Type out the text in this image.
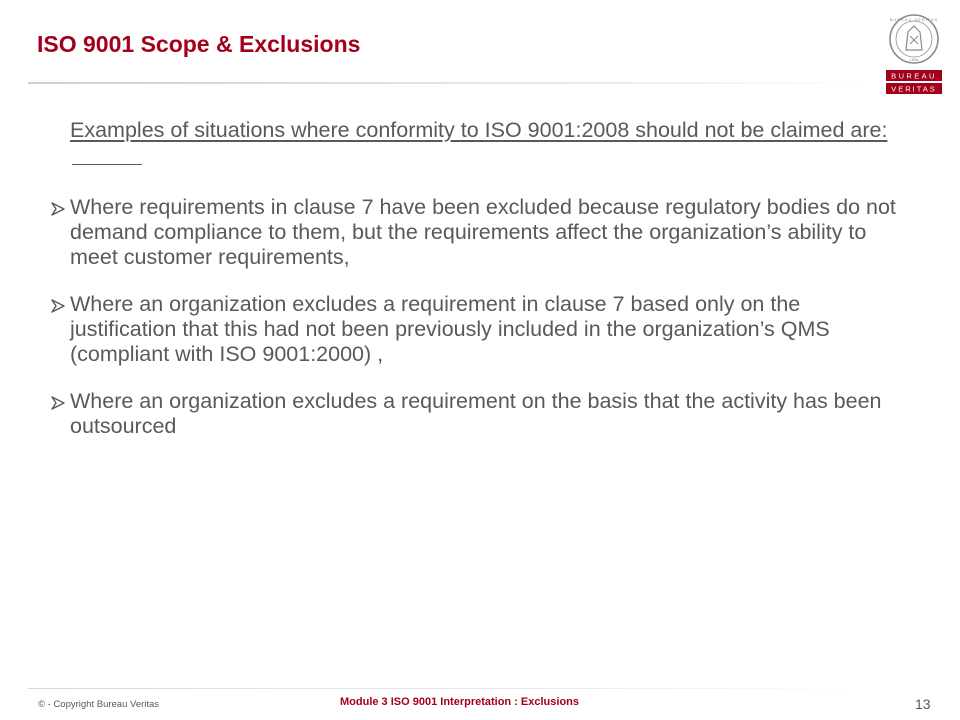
ISO 9001 Scope & Exclusions
BUREAU
VERITAS
BUREAU VERITAS
1828
Examples of situations where conformity to ISO 9001:2008 should not be claimed are:
Where requirements in clause 7 have been excluded because regulatory bodies do not demand compliance to them, but the requirements affect the organization’s ability to meet customer requirements,
Where an organization excludes a requirement in clause 7 based only on the justification that this had not been previously included in the organization’s QMS (compliant with ISO 9001:2000) ,
Where an organization excludes a requirement on the basis that the activity has been outsourced
© - Copyright Bureau Veritas	Module 3 ISO 9001 Interpretation : Exclusions	13
